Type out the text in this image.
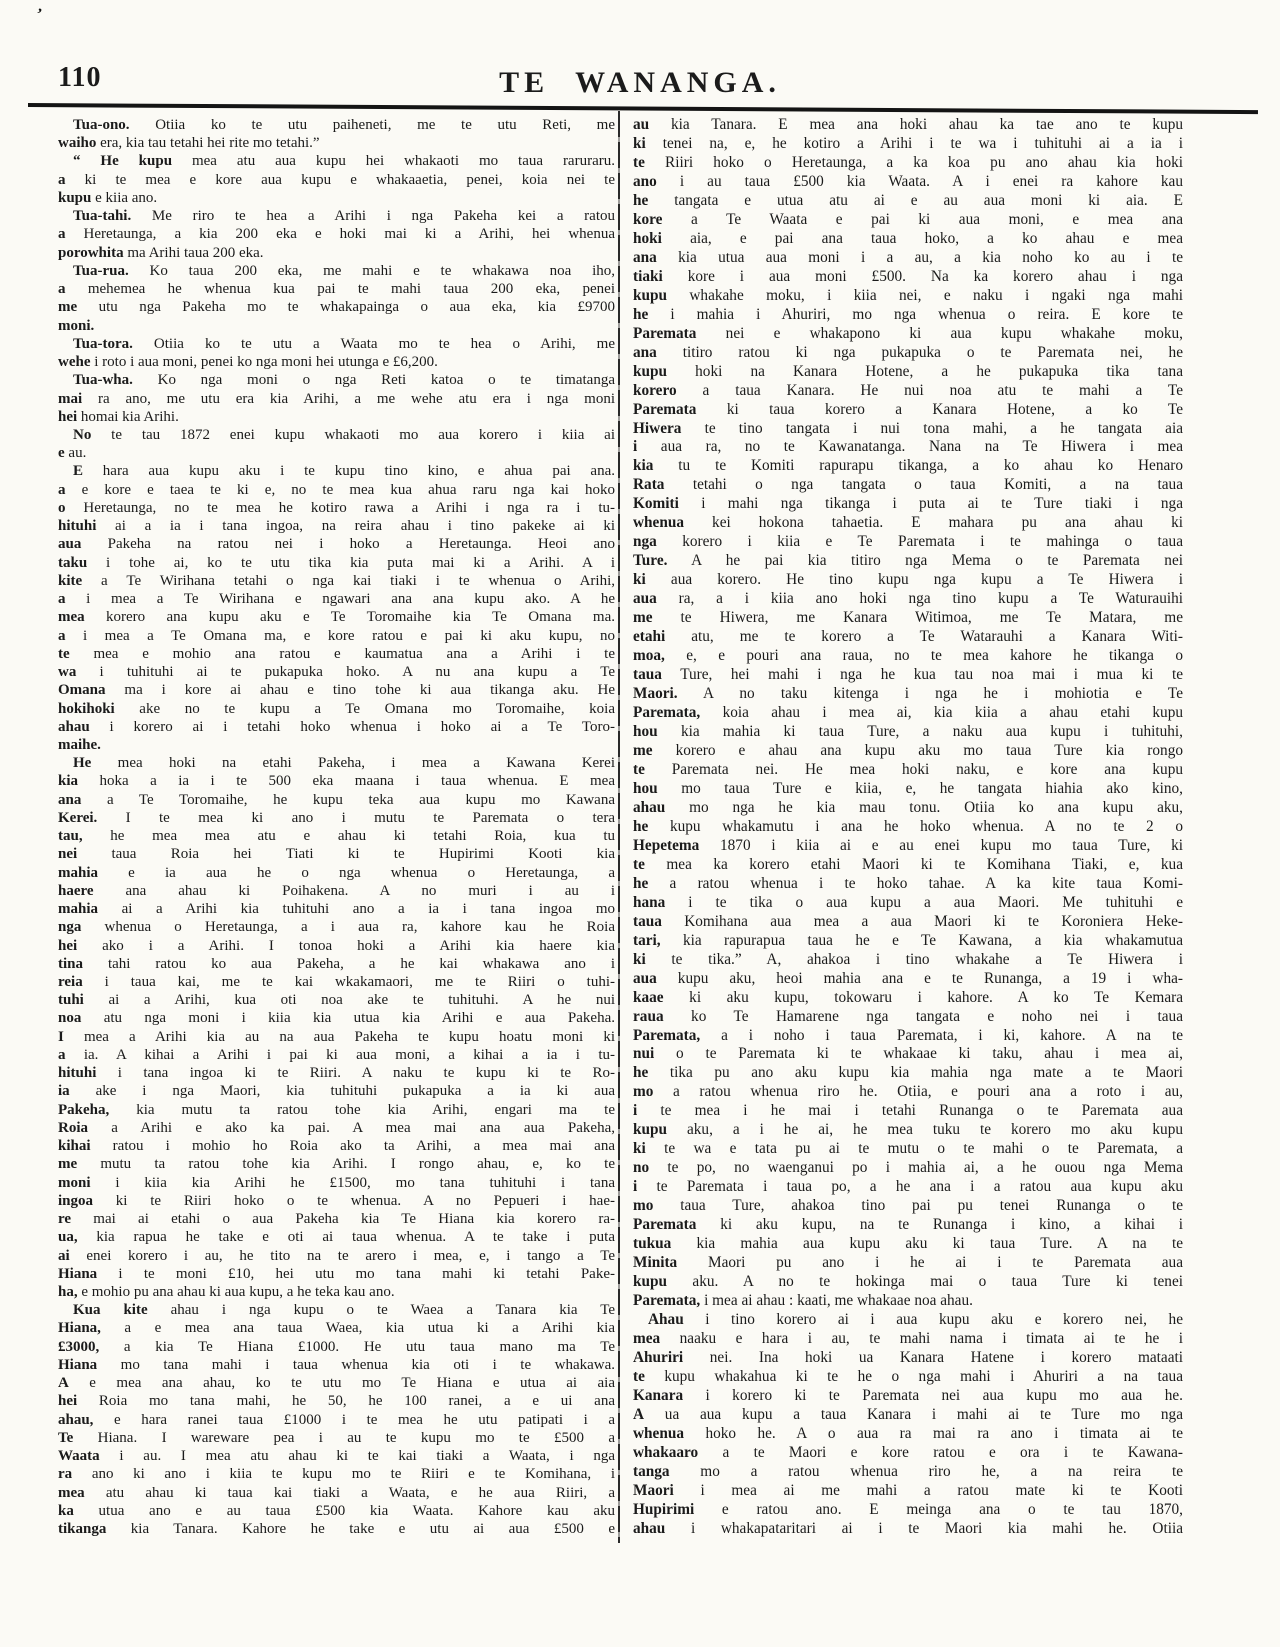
’
110	TE WANANGA.
Tua-ono. Otiia ko te utu paiheneti, me te utu Reti, me
waiho era, kia tau tetahi hei rite mo tetahi.”
“ He kupu mea atu aua kupu hei whakaoti mo taua raruraru.
a ki te mea e kore aua kupu e whakaaetia, penei, koia nei te
kupu e kiia ano.
Tua-tahi. Me riro te hea a Arihi i nga Pakeha kei a ratou
a Heretaunga, a kia 200 eka e hoki mai ki a Arihi, hei whenua
porowhita ma Arihi taua 200 eka.
Tua-rua. Ko taua 200 eka, me mahi e te whakawa noa iho,
a mehemea he whenua kua pai te mahi taua 200 eka, penei
me utu nga Pakeha mo te whakapainga o aua eka, kia £9700
moni.
Tua-tora. Otiia ko te utu a Waata mo te hea o Arihi, me
wehe i roto i aua moni, penei ko nga moni hei utunga e £6,200.
Tua-wha. Ko nga moni o nga Reti katoa o te timatanga
mai ra ano, me utu era kia Arihi, a me wehe atu era i nga moni
hei homai kia Arihi.
No te tau 1872 enei kupu whakaoti mo aua korero i kiia ai
e au.
E hara aua kupu aku i te kupu tino kino, e ahua pai ana.
a e kore e taea te ki e, no te mea kua ahua raru nga kai hoko
o Heretaunga, no te mea he kotiro rawa a Arihi i nga ra i tu-
hituhi ai a ia i tana ingoa, na reira ahau i tino pakeke ai ki
aua Pakeha na ratou nei i hoko a Heretaunga. Heoi ano
taku i tohe ai, ko te utu tika kia puta mai ki a Arihi. A i
kite a Te Wirihana tetahi o nga kai tiaki i te whenua o Arihi,
a i mea a Te Wirihana e ngawari ana ana kupu ako. A he
mea korero ana kupu aku e Te Toromaihe kia Te Omana ma.
a i mea a Te Omana ma, e kore ratou e pai ki aku kupu, no
te mea e mohio ana ratou e kaumatua ana a Arihi i te
wa i tuhituhi ai te pukapuka hoko. A nu ana kupu a Te
Omana ma i kore ai ahau e tino tohe ki aua tikanga aku. He
hokihoki ake no te kupu a Te Omana mo Toromaihe, koia
ahau i korero ai i tetahi hoko whenua i hoko ai a Te Toro-
maihe.
He mea hoki na etahi Pakeha, i mea a Kawana Kerei
kia hoka a ia i te 500 eka maana i taua whenua. E mea
ana a Te Toromaihe, he kupu teka aua kupu mo Kawana
Kerei. I te mea ki ano i mutu te Paremata o tera
tau, he mea mea atu e ahau ki tetahi Roia, kua tu
nei taua Roia hei Tiati ki te Hupirimi Kooti kia
mahia e ia aua he o nga whenua o Heretaunga, a
haere ana ahau ki Poihakena. A no muri i au i
mahia ai a Arihi kia tuhituhi ano a ia i tana ingoa mo
nga whenua o Heretaunga, a i aua ra, kahore kau he Roia
hei ako i a Arihi. I tonoa hoki a Arihi kia haere kia
tina tahi ratou ko aua Pakeha, a he kai whakawa ano i
reia i taua kai, me te kai wkakamaori, me te Riiri o tuhi-
tuhi ai a Arihi, kua oti noa ake te tuhituhi. A he nui
noa atu nga moni i kiia kia utua kia Arihi e aua Pakeha.
I mea a Arihi kia au na aua Pakeha te kupu hoatu moni ki
a ia. A kihai a Arihi i pai ki aua moni, a kihai a ia i tu-
hituhi i tana ingoa ki te Riiri. A naku te kupu ki te Ro-
ia ake i nga Maori, kia tuhituhi pukapuka a ia ki aua
Pakeha, kia mutu ta ratou tohe kia Arihi, engari ma te
Roia a Arihi e ako ka pai. A mea mai ana aua Pakeha,
kihai ratou i mohio ho Roia ako ta Arihi, a mea mai ana
me mutu ta ratou tohe kia Arihi. I rongo ahau, e, ko te
moni i kiia kia Arihi he £1500, mo tana tuhituhi i tana
ingoa ki te Riiri hoko o te whenua. A no Pepueri i hae-
re mai ai etahi o aua Pakeha kia Te Hiana kia korero ra-
ua, kia rapua he take e oti ai taua whenua. A te take i puta
ai enei korero i au, he tito na te arero i mea, e, i tango a Te
Hiana i te moni £10, hei utu mo tana mahi ki tetahi Pake-
ha, e mohio pu ana ahau ki aua kupu, a he teka kau ano.
Kua kite ahau i nga kupu o te Waea a Tanara kia Te
Hiana, a e mea ana taua Waea, kia utua ki a Arihi kia
£3000, a kia Te Hiana £1000. He utu taua mano ma Te
Hiana mo tana mahi i taua whenua kia oti i te whakawa.
A e mea ana ahau, ko te utu mo Te Hiana e utua ai aia
hei Roia mo tana mahi, he 50, he 100 ranei, a e ui ana
ahau, e hara ranei taua £1000 i te mea he utu patipati i a
Te Hiana. I wareware pea i au te kupu mo te £500 a
Waata i au. I mea atu ahau ki te kai tiaki a Waata, i nga
ra ano ki ano i kiia te kupu mo te Riiri e te Komihana, i
mea atu ahau ki taua kai tiaki a Waata, e he aua Riiri, a
ka utua ano e au taua £500 kia Waata. Kahore kau aku
tikanga kia Tanara. Kahore he take e utu ai aua £500 e
au kia Tanara. E mea ana hoki ahau ka tae ano te kupu
ki tenei na, e, he kotiro a Arihi i te wa i tuhituhi ai a ia i
te Riiri hoko o Heretaunga, a ka koa pu ano ahau kia hoki
ano i au taua £500 kia Waata. A i enei ra kahore kau
he tangata e utua atu ai e au aua moni ki aia. E
kore a Te Waata e pai ki aua moni, e mea ana
hoki aia, e pai ana taua hoko, a ko ahau e mea
ana kia utua aua moni i a au, a kia noho ko au i te
tiaki kore i aua moni £500. Na ka korero ahau i nga
kupu whakahe moku, i kiia nei, e naku i ngaki nga mahi
he i mahia i Ahuriri, mo nga whenua o reira. E kore te
Paremata nei e whakapono ki aua kupu whakahe moku,
ana titiro ratou ki nga pukapuka o te Paremata nei, he
kupu hoki na Kanara Hotene, a he pukapuka tika tana
korero a taua Kanara. He nui noa atu te mahi a Te
Paremata ki taua korero a Kanara Hotene, a ko Te
Hiwera te tino tangata i nui tona mahi, a he tangata aia
i aua ra, no te Kawanatanga. Nana na Te Hiwera i mea
kia tu te Komiti rapurapu tikanga, a ko ahau ko Henaro
Rata tetahi o nga tangata o taua Komiti, a na taua
Komiti i mahi nga tikanga i puta ai te Ture tiaki i nga
whenua kei hokona tahaetia. E mahara pu ana ahau ki
nga korero i kiia e Te Paremata i te mahinga o taua
Ture. A he pai kia titiro nga Mema o te Paremata nei
ki aua korero. He tino kupu nga kupu a Te Hiwera i
aua ra, a i kiia ano hoki nga tino kupu a Te Waturauihi
me te Hiwera, me Kanara Witimoa, me Te Matara, me
etahi atu, me te korero a Te Watarauhi a Kanara Witi-
moa, e, e pouri ana raua, no te mea kahore he tikanga o
taua Ture, hei mahi i nga he kua tau noa mai i mua ki te
Maori. A no taku kitenga i nga he i mohiotia e Te
Paremata, koia ahau i mea ai, kia kiia a ahau etahi kupu
hou kia mahia ki taua Ture, a naku aua kupu i tuhituhi,
me korero e ahau ana kupu aku mo taua Ture kia rongo
te Paremata nei. He mea hoki naku, e kore ana kupu
hou mo taua Ture e kiia, e, he tangata hiahia ako kino,
ahau mo nga he kia mau tonu. Otiia ko ana kupu aku,
he kupu whakamutu i ana he hoko whenua. A no te 2 o
Hepetema 1870 i kiia ai e au enei kupu mo taua Ture, ki
te mea ka korero etahi Maori ki te Komihana Tiaki, e, kua
he a ratou whenua i te hoko tahae. A ka kite taua Komi-
hana i te tika o aua kupu a aua Maori. Me tuhituhi e
taua Komihana aua mea a aua Maori ki te Koroniera Heke-
tari, kia rapurapua taua he e Te Kawana, a kia whakamutua
ki te tika.” A, ahakoa i tino whakahe a Te Hiwera i
aua kupu aku, heoi mahia ana e te Runanga, a 19 i wha-
kaae ki aku kupu, tokowaru i kahore. A ko Te Kemara
raua ko Te Hamarene nga tangata e noho nei i taua
Paremata, a i noho i taua Paremata, i ki, kahore. A na te
nui o te Paremata ki te whakaae ki taku, ahau i mea ai,
he tika pu ano aku kupu kia mahia nga mate a te Maori
mo a ratou whenua riro he. Otiia, e pouri ana a roto i au,
i te mea i he mai i tetahi Runanga o te Paremata aua
kupu aku, a i he ai, he mea tuku te korero mo aku kupu
ki te wa e tata pu ai te mutu o te mahi o te Paremata, a
no te po, no waenganui po i mahia ai, a he ouou nga Mema
i te Paremata i taua po, a he ana i a ratou aua kupu aku
mo taua Ture, ahakoa tino pai pu tenei Runanga o te
Paremata ki aku kupu, na te Runanga i kino, a kihai i
tukua kia mahia aua kupu aku ki taua Ture. A na te
Minita Maori pu ano i he ai i te Paremata aua
kupu aku. A no te hokinga mai o taua Ture ki tenei
Paremata, i mea ai ahau : kaati, me whakaae noa ahau.
Ahau i tino korero ai i aua kupu aku e korero nei, he
mea naaku e hara i au, te mahi nama i timata ai te he i
Ahuriri nei. Ina hoki ua Kanara Hatene i korero mataati
te kupu whakahua ki te he o nga mahi i Ahuriri a na taua
Kanara i korero ki te Paremata nei aua kupu mo aua he.
A ua aua kupu a taua Kanara i mahi ai te Ture mo nga
whenua hoko he. A o aua ra mai ra ano i timata ai te
whakaaro a te Maori e kore ratou e ora i te Kawana-
tanga mo a ratou whenua riro he, a na reira te
Maori i mea ai me mahi a ratou mate ki te Kooti
Hupirimi e ratou ano. E meinga ana o te tau 1870,
ahau i whakapataritari ai i te Maori kia mahi he. Otiia
